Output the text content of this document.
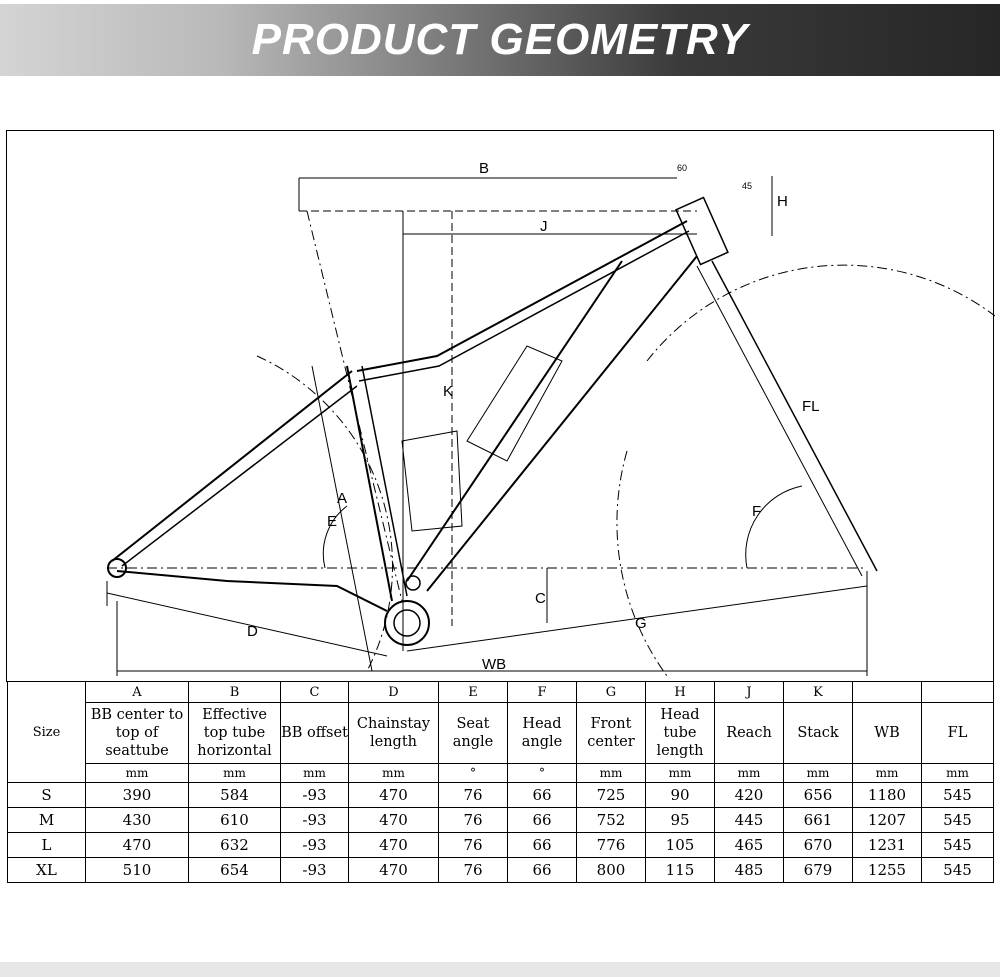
PRODUCT GEOMETRY
B
J
H
K
FL
A
E
F
C
D	G
WB
60
45
Size	A	B	C	D	E	F	G	H	J	K		
	BB center to top of seattube	Effective top tube horizontal	BB offset	Chainstay length	Seat angle	Head angle	Front center	Head tube length	Reach	Stack	WB	FL
	mm	mm	mm	mm	°	°	mm	mm	mm	mm	mm	mm
S	390	584	-93	470	76	66	725	90	420	656	1180	545
M	430	610	-93	470	76	66	752	95	445	661	1207	545
L	470	632	-93	470	76	66	776	105	465	670	1231	545
XL	510	654	-93	470	76	66	800	115	485	679	1255	545
